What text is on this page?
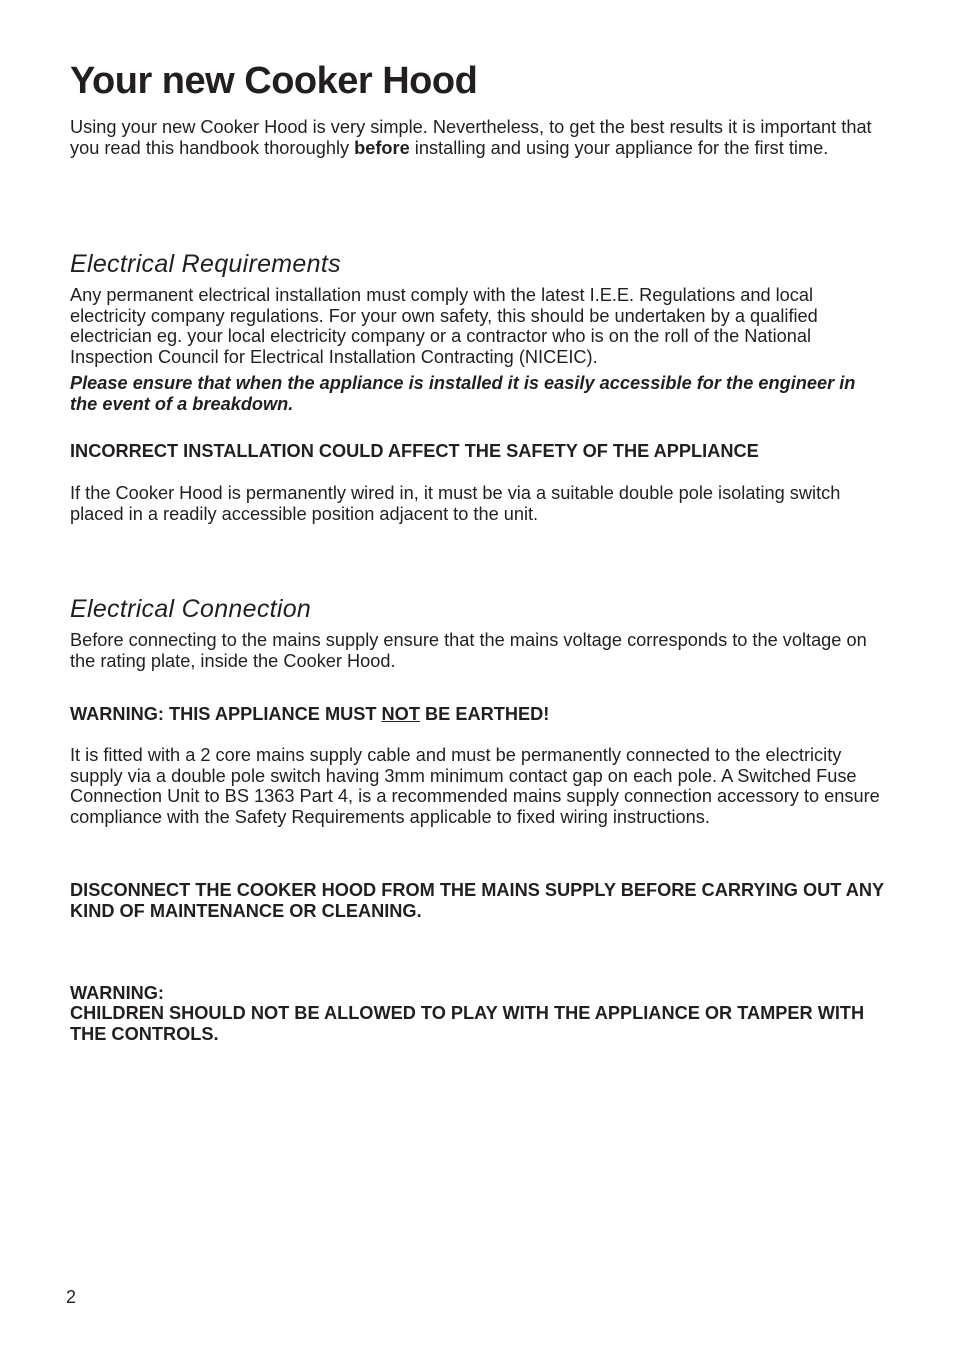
Your new Cooker Hood

Using your new Cooker Hood is very simple. Nevertheless, to get the best results it is important that you read this handbook thoroughly before installing and using your appliance for the first time.

Electrical Requirements

Any permanent electrical installation must comply with the latest I.E.E. Regulations and local electricity company regulations. For your own safety, this should be undertaken by a qualified electrician eg. your local electricity company or a contractor who is on the roll of the National Inspection Council for Electrical Installation Contracting (NICEIC).

Please ensure that when the appliance is installed it is easily accessible for the engineer in the event of a breakdown.

INCORRECT INSTALLATION COULD AFFECT THE SAFETY OF THE APPLIANCE

If the Cooker Hood is permanently wired in, it must be via a suitable double pole isolating switch placed in a readily accessible position adjacent to the unit.

Electrical Connection

Before connecting to the mains supply ensure that the mains voltage corresponds to the voltage on the rating plate, inside the Cooker Hood.

WARNING: THIS APPLIANCE MUST NOT BE EARTHED!

It is fitted with a 2 core mains supply cable and must be permanently connected to the electricity supply via a double pole switch having 3mm minimum contact gap on each pole. A Switched Fuse Connection Unit to BS 1363 Part 4, is a recommended mains supply connection accessory to ensure compliance with the Safety Requirements applicable to fixed wiring instructions.

DISCONNECT THE COOKER HOOD FROM THE MAINS SUPPLY BEFORE CARRYING OUT ANY KIND OF MAINTENANCE OR CLEANING.

WARNING:

CHILDREN SHOULD NOT BE ALLOWED TO PLAY WITH THE APPLIANCE OR TAMPER WITH THE CONTROLS.

2
